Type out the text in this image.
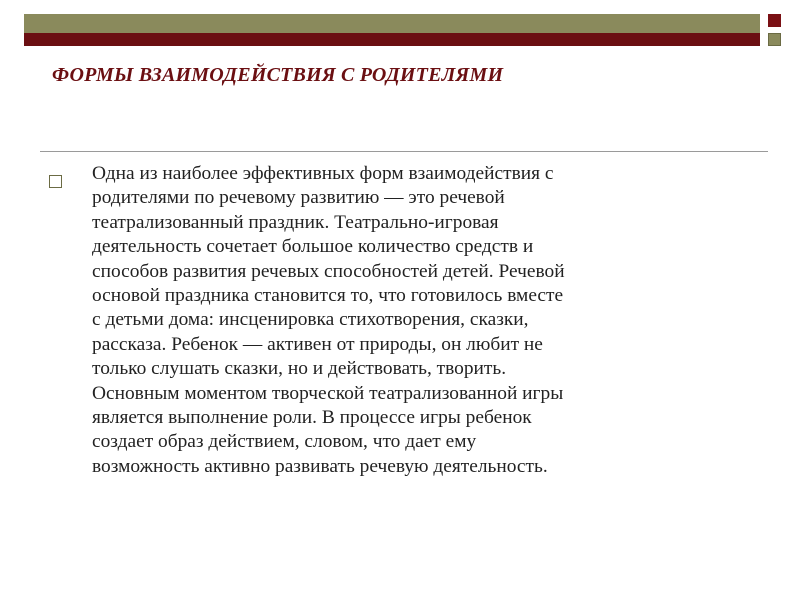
ФОРМЫ ВЗАИМОДЕЙСТВИЯ С РОДИТЕЛЯМИ

Одна из наиболее эффективных форм взаимодействия с
родителями по речевому развитию — это речевой
театрализованный праздник. Театрально-игровая
деятельность сочетает большое количество средств и
способов развития речевых способностей детей. Речевой
основой праздника становится то, что готовилось вместе
с детьми дома: инсценировка стихотворения, сказки,
рассказа. Ребенок — активен от природы, он любит не
только слушать сказки, но и действовать, творить.
Основным моментом творческой театрализованной игры
является выполнение роли. В процессе игры ребенок
создает образ действием, словом, что дает ему
возможность активно развивать речевую деятельность.
